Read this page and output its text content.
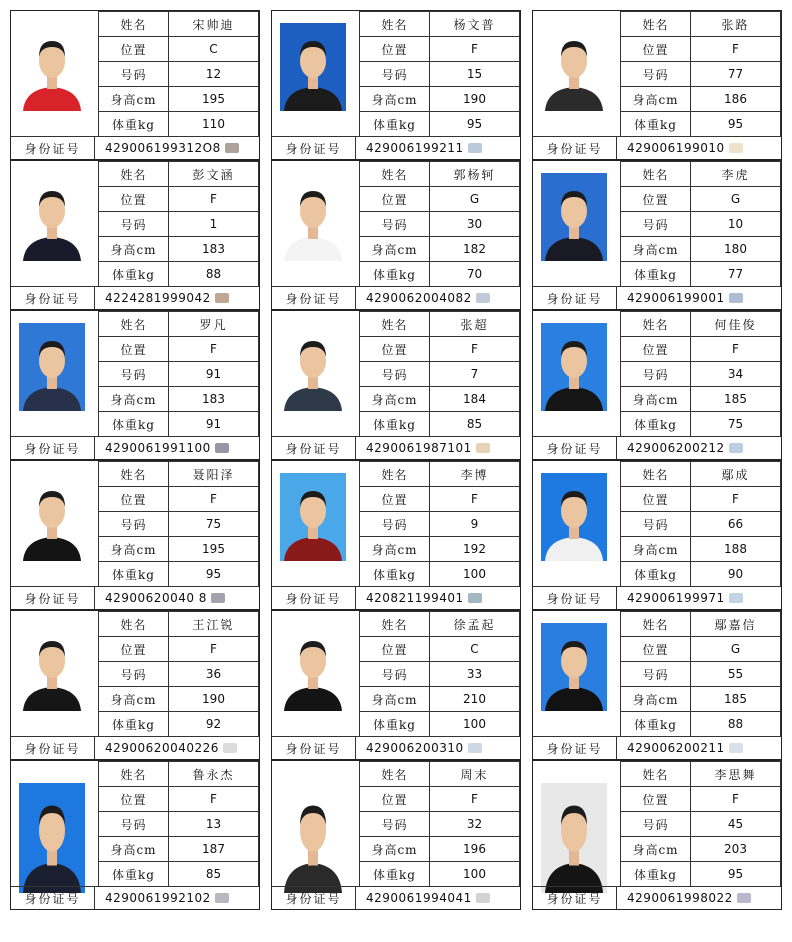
姓名	宋帅迪
位置	C
号码	12
身高cm	195
体重kg	110
身份证号	429006199312O8
姓名	杨文普
位置	F
号码	15
身高cm	190
体重kg	95
身份证号	429006199211
姓名	张路
位置	F
号码	77
身高cm	186
体重kg	95
身份证号	429006199010
姓名	彭文涵
位置	F
号码	1
身高cm	183
体重kg	88
身份证号	4224281999042
姓名	郭杨轲
位置	G
号码	30
身高cm	182
体重kg	70
身份证号	4290062004082
姓名	李虎
位置	G
号码	10
身高cm	180
体重kg	77
身份证号	429006199001
姓名	罗凡
位置	F
号码	91
身高cm	183
体重kg	91
身份证号	4290061991100
姓名	张超
位置	F
号码	7
身高cm	184
体重kg	85
身份证号	4290061987101
姓名	何佳俊
位置	F
号码	34
身高cm	185
体重kg	75
身份证号	429006200212
姓名	聂阳泽
位置	F
号码	75
身高cm	195
体重kg	95
身份证号	42900620040 8
姓名	李博
位置	F
号码	9
身高cm	192
体重kg	100
身份证号	420821199401
姓名	鄢成
位置	F
号码	66
身高cm	188
体重kg	90
身份证号	429006199971
姓名	王江锐
位置	F
号码	36
身高cm	190
体重kg	92
身份证号	42900620040226
姓名	徐孟起
位置	C
号码	33
身高cm	210
体重kg	100
身份证号	429006200310
姓名	鄢嘉信
位置	G
号码	55
身高cm	185
体重kg	88
身份证号	429006200211
姓名	鲁永杰
位置	F
号码	13
身高cm	187
体重kg	85
身份证号	4290061992102
姓名	周末
位置	F
号码	32
身高cm	196
体重kg	100
身份证号	4290061994041
姓名	李思舞
位置	F
号码	45
身高cm	203
体重kg	95
身份证号	4290061998022
